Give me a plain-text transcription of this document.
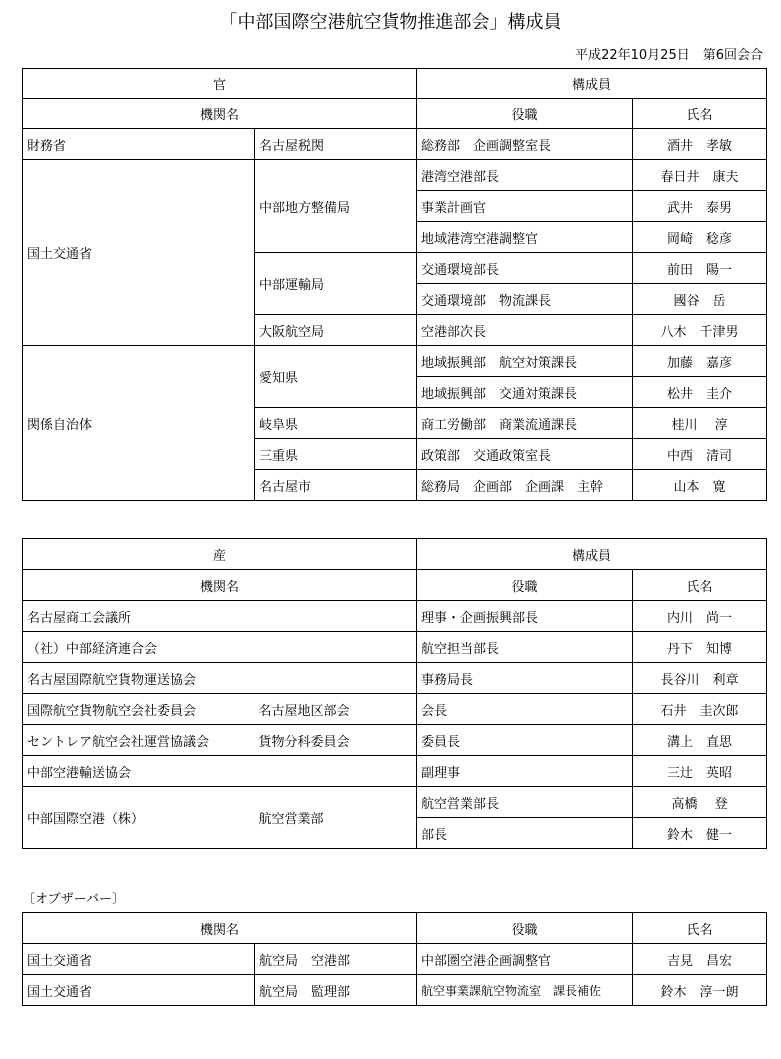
「中部国際空港航空貨物推進部会」構成員
平成22年10月25日　第6回会合
官		構成員	
機関名		役職	氏名
財務省	名古屋税関	総務部　企画調整室長	酒井　孝敏
国土交通省	中部地方整備局	港湾空港部長	春日井　康夫
		事業計画官	武井　泰男
		地域港湾空港調整官	岡崎　稔彦
	中部運輸局	交通環境部長	前田　陽一
		交通環境部　物流課長	國谷　岳
	大阪航空局	空港部次長	八木　千津男
関係自治体	愛知県	地域振興部　航空対策課長	加藤　嘉彦
		地域振興部　交通対策課長	松井　圭介
	岐阜県	商工労働部　商業流通課長	桂川　 淳
	三重県	政策部　交通政策室長	中西　清司
	名古屋市	総務局　企画部　企画課　主幹	山本　寛
産		構成員	
機関名		役職	氏名
名古屋商工会議所		理事・企画振興部長	内川　尚一
（社）中部経済連合会		航空担当部長	丹下　知博
名古屋国際航空貨物運送協会		事務局長	長谷川　利章
国際航空貨物航空会社委員会	名古屋地区部会	会長	石井　圭次郎
セントレア航空会社運営協議会	貨物分科委員会	委員長	溝上　直思
中部空港輸送協会		副理事	三辻　英昭
中部国際空港（株）	航空営業部	航空営業部長	高橋　 登
		部長	鈴木　健一
〔オブザーバー〕
機関名		役職	氏名
国土交通省	航空局　空港部	中部圏空港企画調整官	吉見　昌宏
国土交通省	航空局　監理部	航空事業課航空物流室　課長補佐	鈴木　淳一朗
